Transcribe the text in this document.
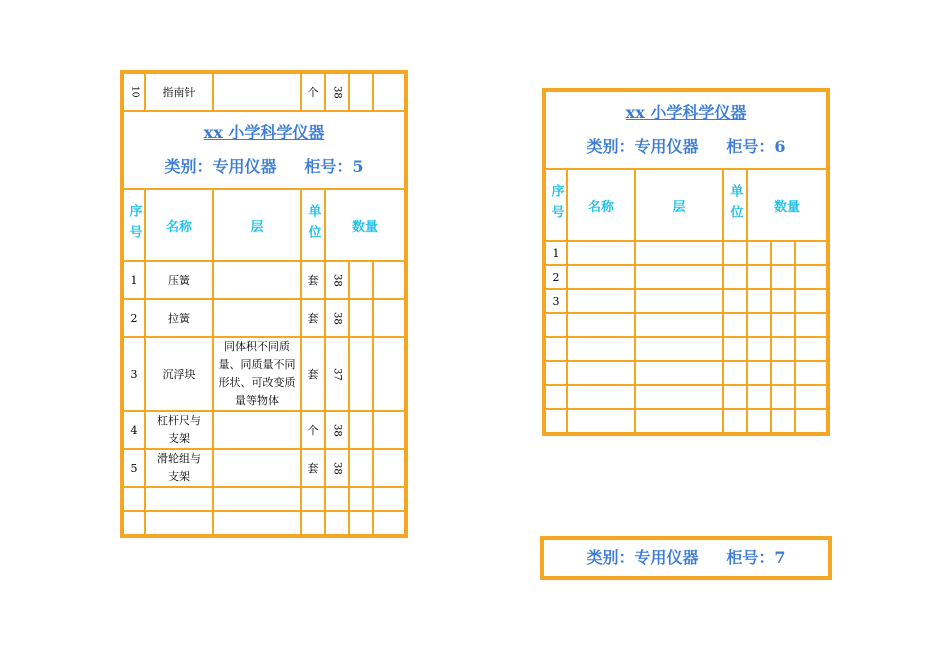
10	指南针		个	38		

xx 小学科学仪器
类别：专用仪器     柜号：5						

序号	名称	层	单位	数量		
1	压簧		套	38		
2	拉簧		套	38		
3	沉浮块	同体积不同质量、同质量不同形状、可改变质量等物体	套	37		
4	杠杆尺与支架		个	38		
5	滑轮组与支架		套	38		

xx 小学科学仪器
类别：专用仪器     柜号：6						

序号	名称	层	单位	数量		
1						
2						
3						

类别：专用仪器     柜号：7
